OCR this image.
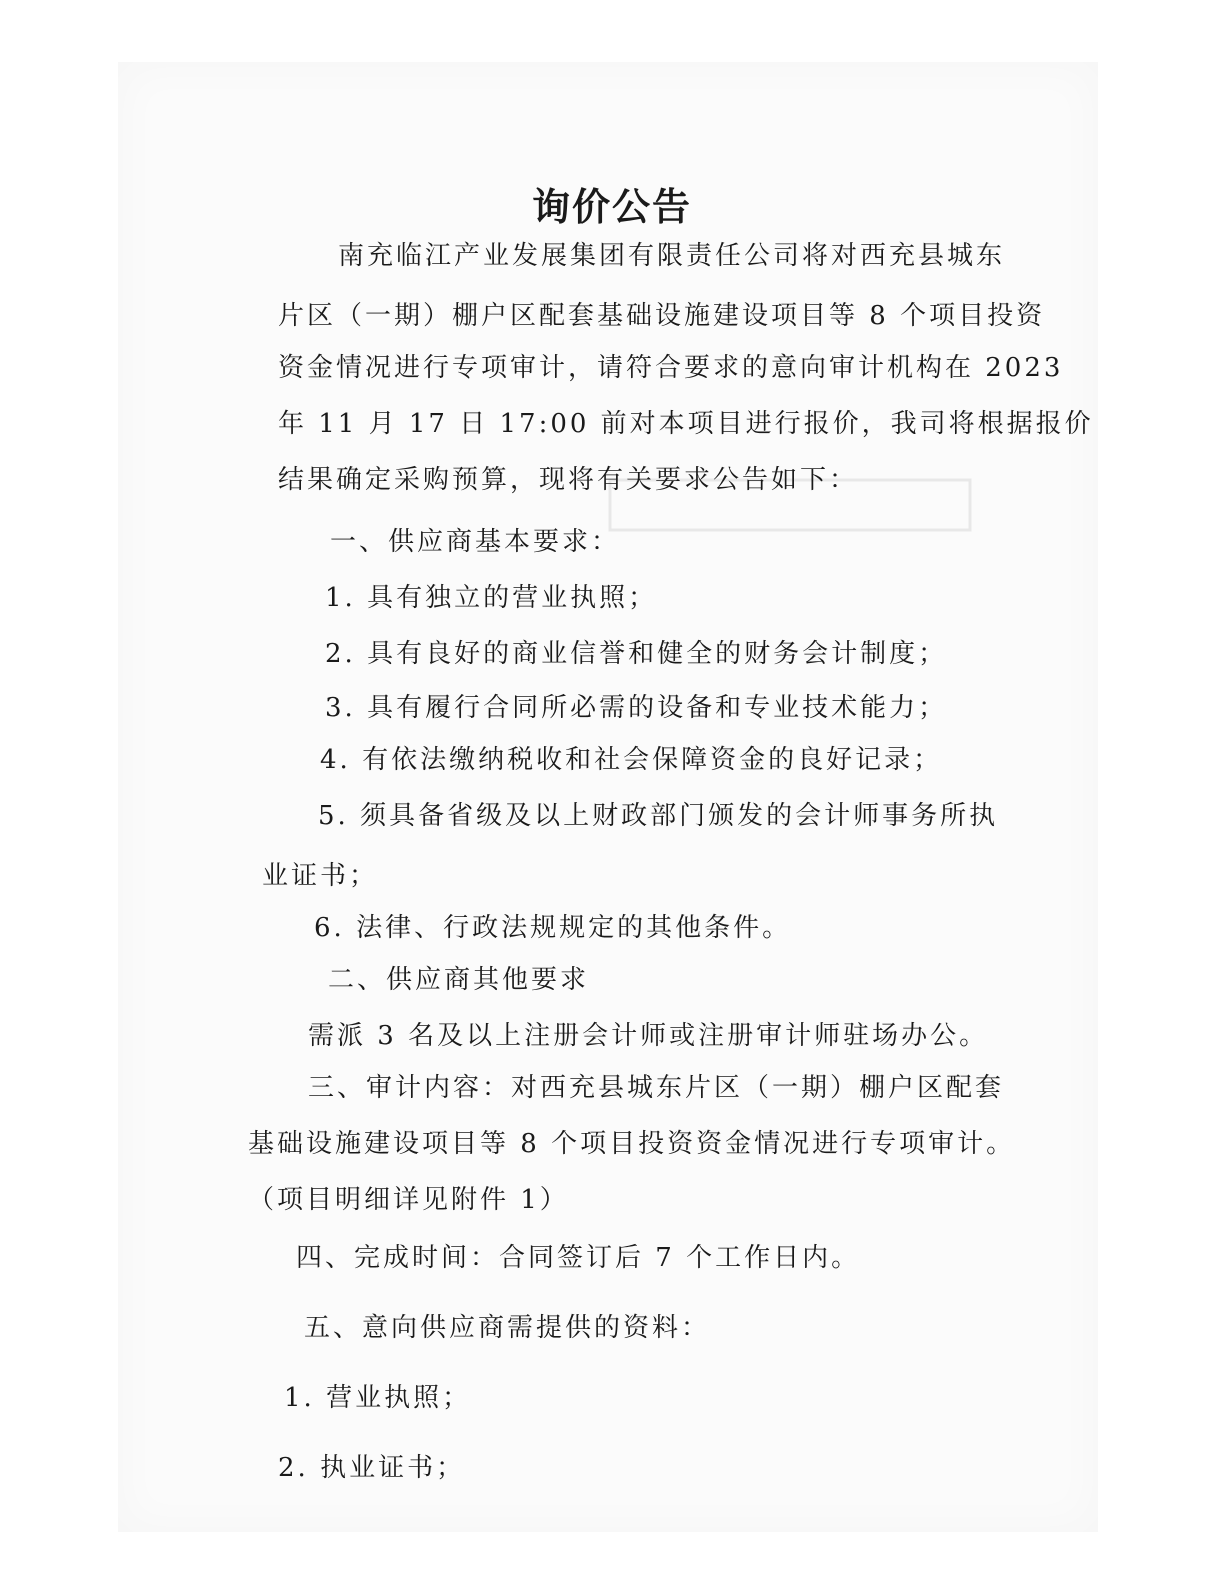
询价公告
南充临江产业发展集团有限责任公司将对西充县城东
片区（一期）棚户区配套基础设施建设项目等 8 个项目投资
资金情况进行专项审计，请符合要求的意向审计机构在 2023
年 11 月 17 日 17:00 前对本项目进行报价，我司将根据报价
结果确定采购预算，现将有关要求公告如下：
一、供应商基本要求：
1. 具有独立的营业执照；
2. 具有良好的商业信誉和健全的财务会计制度；
3. 具有履行合同所必需的设备和专业技术能力；
4. 有依法缴纳税收和社会保障资金的良好记录；
5. 须具备省级及以上财政部门颁发的会计师事务所执
业证书；
6. 法律、行政法规规定的其他条件。
二、供应商其他要求
需派 3 名及以上注册会计师或注册审计师驻场办公。
三、审计内容：对西充县城东片区（一期）棚户区配套
基础设施建设项目等 8 个项目投资资金情况进行专项审计。
（项目明细详见附件 1）
四、完成时间：合同签订后 7 个工作日内。
五、意向供应商需提供的资料：
1. 营业执照；
2. 执业证书；
